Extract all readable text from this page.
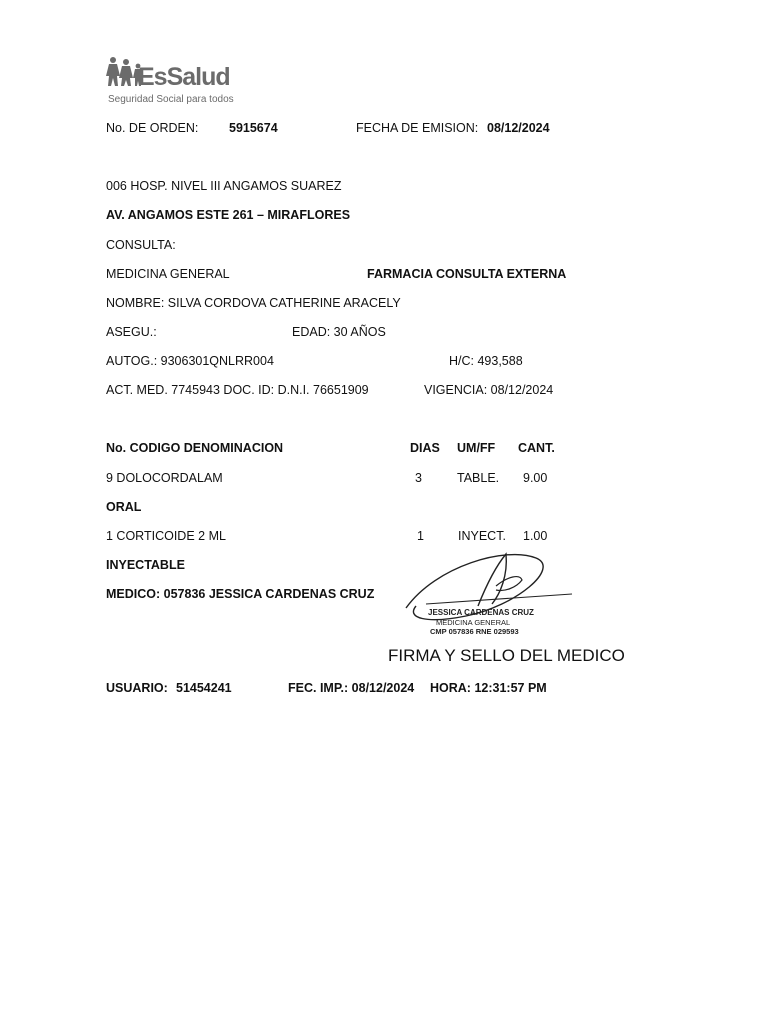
EsSalud
Seguridad Social para todos
No. DE ORDEN: 5915674	FECHA DE EMISION: 08/12/2024
006 HOSP. NIVEL III ANGAMOS SUAREZ
AV. ANGAMOS ESTE 261 – MIRAFLORES
CONSULTA:
MEDICINA GENERAL	FARMACIA CONSULTA EXTERNA
NOMBRE: SILVA CORDOVA CATHERINE ARACELY
ASEGU.:	EDAD: 30 AÑOS
AUTOG.: 9306301QNLRR004	H/C: 493,588
ACT. MED. 7745943 DOC. ID: D.N.I. 76651909	VIGENCIA: 08/12/2024
No. CODIGO DENOMINACION	DIAS UM/FF CANT.
9 DOLOCORDALAM	3	TABLE. 9.00
ORAL
1 CORTICOIDE 2 ML	1	INYECT. 1.00
INYECTABLE
MEDICO: 057836 JESSICA CARDENAS CRUZ
JESSICA CARDENAS CRUZ
MEDICINA GENERAL
CMP 057836 RNE 029593
FIRMA Y SELLO DEL MEDICO
USUARIO: 51454241	FEC. IMP.: 08/12/2024 HORA: 12:31:57 PM
